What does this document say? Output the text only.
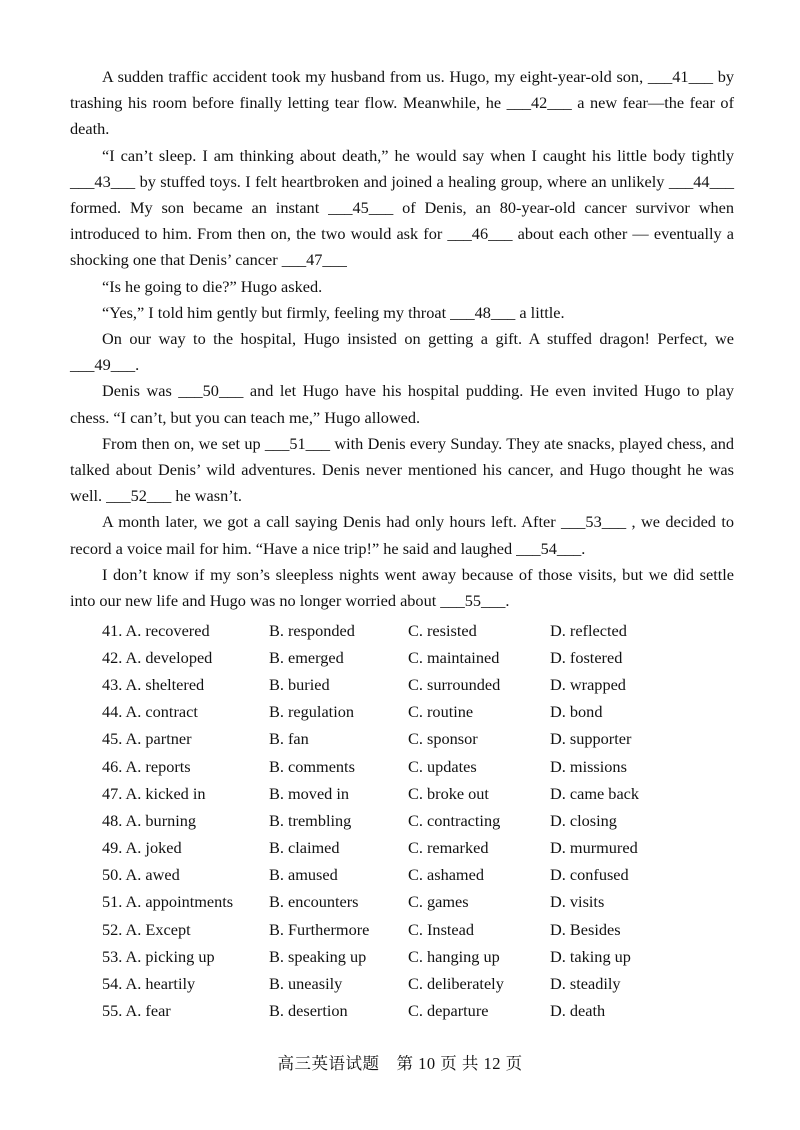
A sudden traffic accident took my husband from us. Hugo, my eight-year-old son, ___41___ by trashing his room before finally letting tear flow. Meanwhile, he ___42___ a new fear—the fear of death.

“I can’t sleep. I am thinking about death,” he would say when I caught his little body tightly ___43___ by stuffed toys. I felt heartbroken and joined a healing group, where an unlikely ___44___ formed. My son became an instant ___45___ of Denis, an 80-year-old cancer survivor when introduced to him. From then on, the two would ask for ___46___ about each other — eventually a shocking one that Denis’ cancer ___47___

“Is he going to die?” Hugo asked.

“Yes,” I told him gently but firmly, feeling my throat ___48___ a little.

On our way to the hospital, Hugo insisted on getting a gift. A stuffed dragon! Perfect, we ___49___.

Denis was ___50___ and let Hugo have his hospital pudding. He even invited Hugo to play chess. “I can’t, but you can teach me,” Hugo allowed.

From then on, we set up ___51___ with Denis every Sunday. They ate snacks, played chess, and talked about Denis’ wild adventures. Denis never mentioned his cancer, and Hugo thought he was well. ___52___ he wasn’t.

A month later, we got a call saying Denis had only hours left. After ___53___ , we decided to record a voice mail for him. “Have a nice trip!” he said and laughed ___54___.

I don’t know if my son’s sleepless nights went away because of those visits, but we did settle into our new life and Hugo was no longer worried about ___55___.

41. A. recovered	B. responded	C. resisted	D. reflected
42. A. developed	B. emerged	C. maintained	D. fostered
43. A. sheltered	B. buried	C. surrounded	D. wrapped
44. A. contract	B. regulation	C. routine	D. bond
45. A. partner	B. fan	C. sponsor	D. supporter
46. A. reports	B. comments	C. updates	D. missions
47. A. kicked in	B. moved in	C. broke out	D. came back
48. A. burning	B. trembling	C. contracting	D. closing
49. A. joked	B. claimed	C. remarked	D. murmured
50. A. awed	B. amused	C. ashamed	D. confused
51. A. appointments	B. encounters	C. games	D. visits
52. A. Except	B. Furthermore	C. Instead	D. Besides
53. A. picking up	B. speaking up	C. hanging up	D. taking up
54. A. heartily	B. uneasily	C. deliberately	D. steadily
55. A. fear	B. desertion	C. departure	D. death
高三英语试题　第 10 页 共 12 页
